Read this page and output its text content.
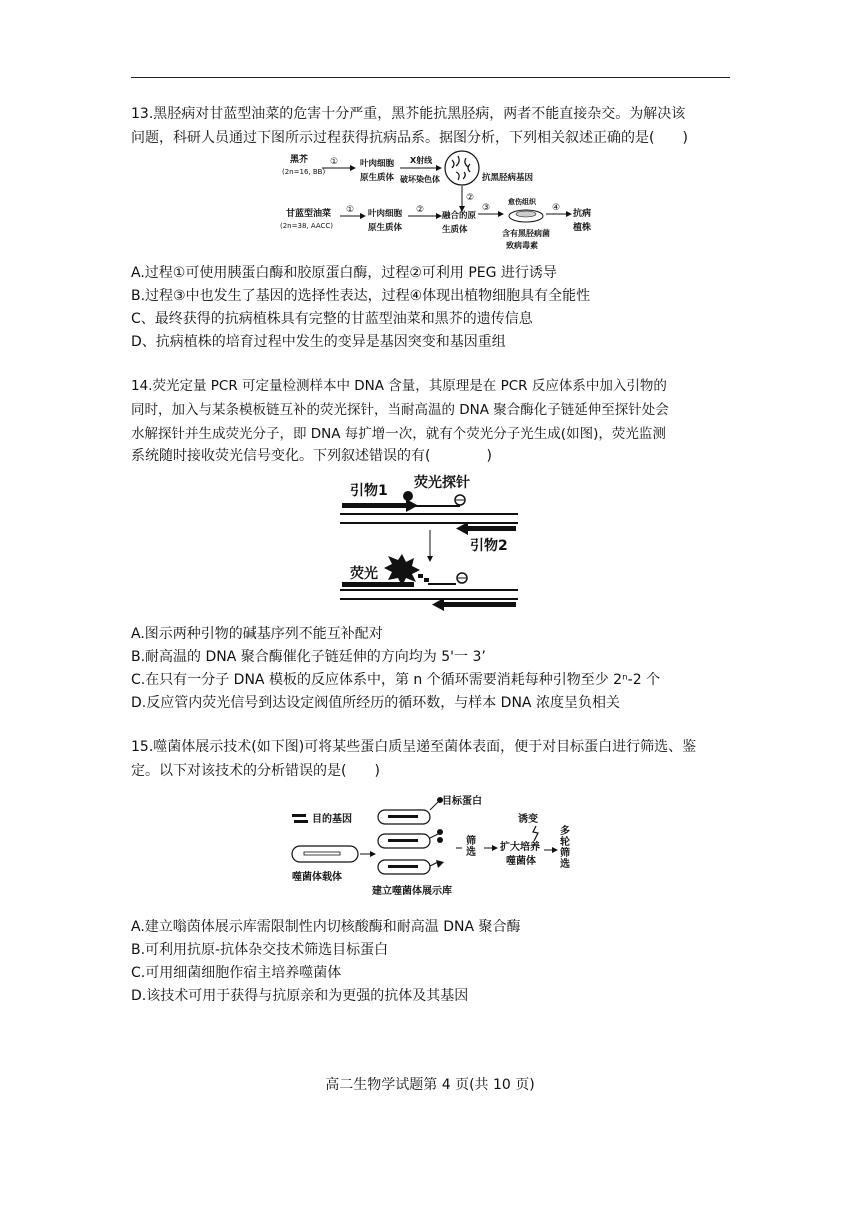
13.黑胫病对甘蓝型油菜的危害十分严重，黑芥能抗黑胫病，两者不能直接杂交。为解决该
问题，科研人员通过下图所示过程获得抗病品系。据图分析，下列相关叙述正确的是(　　)
黑芥
(2n=16, BB)
①	叶肉细胞
原生质体
X射线
破坏染色体	抗黑胫病基因
②
甘蓝型油菜
(2n=38, AACC)
① 叶肉细胞
原生质体
②
融合的原
生质体
③
愈伤组织
含有黑胫病菌
致病毒素
④
抗病
植株
A.过程①可使用胰蛋白酶和胶原蛋白酶，过程②可利用 PEG 进行诱导
B.过程③中也发生了基因的选择性表达，过程④体现出植物细胞具有全能性
C、最终获得的抗病植株具有完整的甘蓝型油菜和黑芥的遗传信息
D、抗病植株的培育过程中发生的变异是基因突变和基因重组
14.荧光定量 PCR 可定量检测样本中 DNA 含量，其原理是在 PCR 反应体系中加入引物的
同时，加入与某条模板链互补的荧光探针，当耐高温的 DNA 聚合酶化子链延伸至探针处会
水解探针并生成荧光分子，即 DNA 每扩增一次，就有个荧光分子光生成(如图)，荧光监测
系统随时接收荧光信号变化。下列叙述错误的有(　　　　)
引物1 荧光探针
引物2
荧光
A.图示两种引物的碱基序列不能互补配对
B.耐高温的 DNA 聚合酶催化子链廷伸的方向均为 5'一 3’
C.在只有一分子 DNA 模板的反应体系中，第 n 个循环需要消耗每种引物至少 2ⁿ-2 个
D.反应管内荧光信号到达设定阀值所经历的循环数，与样本 DNA 浓度呈负相关
15.噬菌体展示技术(如下图)可将某些蛋白质呈递至菌体表面，便于对目标蛋白进行筛选、鉴
定。以下对该技术的分析错误的是(　　)
目的基因
噬菌体载体
目标蛋白
建立噬菌体展示库
筛选
诱变
扩大培养
噬菌体
多轮筛选
A.建立嗡茵体展示库需限制性内切核酸酶和耐高温 DNA 聚合酶
B.可利用抗原-抗体杂交技术筛选目标蛋白
C.可用细菌细胞作宿主培养噬菌体
D.该技术可用于获得与抗原亲和为更强的抗体及其基因
高二生物学试题第 4 页(共 10 页)
